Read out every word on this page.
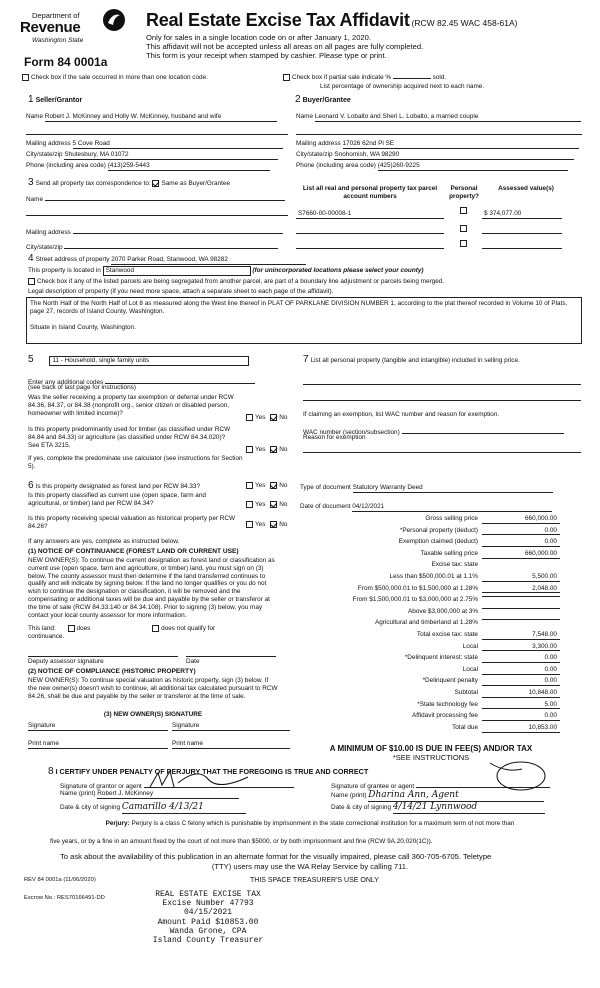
Department of
Revenue
Washington State
Form 84 0001a
Real Estate Excise Tax Affidavit (RCW 82.45 WAC 458-61A)
Only for sales in a single location code on or after January 1, 2020.
This affidavit will not be accepted unless all areas on all pages are fully completed.
This form is your receipt when stamped by cashier. Please type or print.
Check box if the sale occurred in more than one location code.	Check box if partial sale indicate %	sold.
List percentage of ownership acquired next to each name.
1 Seller/Grantor
Name Robert J. McKinney and Holly W. McKinney, husband and wife
Mailing address 5 Cove Road
City/state/zip Shutesbury, MA 01072
Phone (including area code) (413)259-5443
2 Buyer/Grantee
Name Leonard V. Lobalto and Sheri L. Lobalto, a married couple
Mailing address 17026 62nd Pl SE
City/state/zip Snohomish, WA 98290
Phone (including area code) (425)260-9225
3 Send all property tax correspondence to: Same as Buyer/Grantee
Name
Mailing address
City/state/zip
List all real and personal property tax parcel account numbers
Personal property?
Assessed value(s)
S7660-00-00008-1	$ 374,077.00
4 Street address of property 2070 Parker Road, Stanwood, WA 98282
This property is located in Stanwood	(for unincorporated locations please select your county)
Check box if any of the listed parcels are being segregated from another parcel, are part of a boundary line adjustment or parcels being merged.
Legal description of property (if you need more space, attach a separate sheet to each page of the affidavit).
The North Half of the North Half of Lot 8 as measured along the West line thereof in PLAT OF PARKLANE DIVISION NUMBER 1, according to the plat thereof recorded in Volume 10 of Plats, page 27, records of Island County, Washington.
Situate in Island County, Washington.
5	11 - Household, single family units
Enter any additional codes
(see back of last page for instructions)
Was the seller receiving a property tax exemption or deferral under RCW 84.36, 84.37, or 84.38 (nonprofit org., senior citizen or disabled person, homeowner with limited income)?
Yes No
Is this property predominantly used for timber (as classified under RCW 84.84 and 84.33) or agriculture (as classified under RCW 84.34.020)? See ETA 3215.
Yes No
If yes, complete the predominate use calculator (see instructions for Section 5).
7 List all personal property (tangible and intangible) included in selling price.
If claiming an exemption, list WAC number and reason for exemption.
WAC number (section/subsection)
Reason for exemption
6 Is this property designated as forest land per RCW 84.33?	Yes No
Is this property classified as current use (open space, farm and agricultural, or timber) land per RCW 84.34?	Yes No
Is this property receiving special valuation as historical property per RCW 84.26?	Yes No
If any answers are yes, complete as instructed below.
(1) NOTICE OF CONTINUANCE (FOREST LAND OR CURRENT USE)
NEW OWNER(S): To continue the current designation as forest land or classification as current use (open space, farm and agriculture, or timber) land, you must sign on (3) below. The county assessor must then determine if the land transferred continues to qualify and will indicate by signing below. If the land no longer qualifies or you do not wish to continue the designation or classification, it will be removed and the compensating or additional taxes will be due and payable by the seller or transferor at the time of sale (RCW 84.33.140 or 84.34.108). Prior to signing (3) below, you may contact your local county assessor for more information.
This land:	does	does not qualify for
continuance.
Deputy assessor signature	Date
(2) NOTICE OF COMPLIANCE (HISTORIC PROPERTY)
NEW OWNER(S): To continue special valuation as historic property, sign (3) below. If the new owner(s) doesn't wish to continue, all additional tax calculated pursuant to RCW 84.26, shall be due and payable by the seller or transferor at the time of sale.
(3) NEW OWNER(S) SIGNATURE
Signature	Signature
Print name	Print name
Type of document Statutory Warranty Deed
Date of document 04/12/2021
Gross selling price	660,000.00
*Personal property (deduct)	0.00
Exemption claimed (deduct)	0.00
Taxable selling price	660,000.00
Excise tax: state
Less than $500,000.01 at 1.1%	5,500.00
From $500,000.01 to $1,500,000 at 1.28%	2,048.00
From $1,500,000.01 to $3,000,000 at 2.75%
Above $3,000,000 at 3%
Agricultural and timberland at 1.28%
Total excise tax: state	7,548.00
Local	3,300.00
*Delinquent interest: state	0.00
Local	0.00
*Delinquent penalty	0.00
Subtotal	10,848.00
*State technology fee	5.00
Affidavit processing fee	0.00
Total due	10,853.00
A MINIMUM OF $10.00 IS DUE IN FEE(S) AND/OR TAX
*SEE INSTRUCTIONS
8 I CERTIFY UNDER PENALTY OF PERJURY THAT THE FOREGOING IS TRUE AND CORRECT
Signature of grantor or agent
Name (print) Robert J. McKinney
Date & city of signing Camarillo 4/13/21
Signature of grantee or agent
Name (print) Dharina Ann, Agent
Date & city of signing 4/14/21 Lynnwood
Perjury: Perjury is a class C felony which is punishable by imprisonment in the state correctional institution for a maximum term of not more than
five years, or by a fine in an amount fixed by the court of not more than $5000, or by both imprisonment and fine (RCW 9A.20.020(1C)).
To ask about the availability of this publication in an alternate format for the visually impaired, please call 360-705-6705. Teletype
(TTY) users may use the WA Relay Service by calling 711.
REV 84 0001a (11/06/2020)	THIS SPACE TREASURER'S USE ONLY
Escrow No.: RES70166491-DD	REAL ESTATE EXCISE TAX
Excise Number 47793
04/15/2021
Amount Paid $10853.00
Wanda Grone, CPA
Island County Treasurer
